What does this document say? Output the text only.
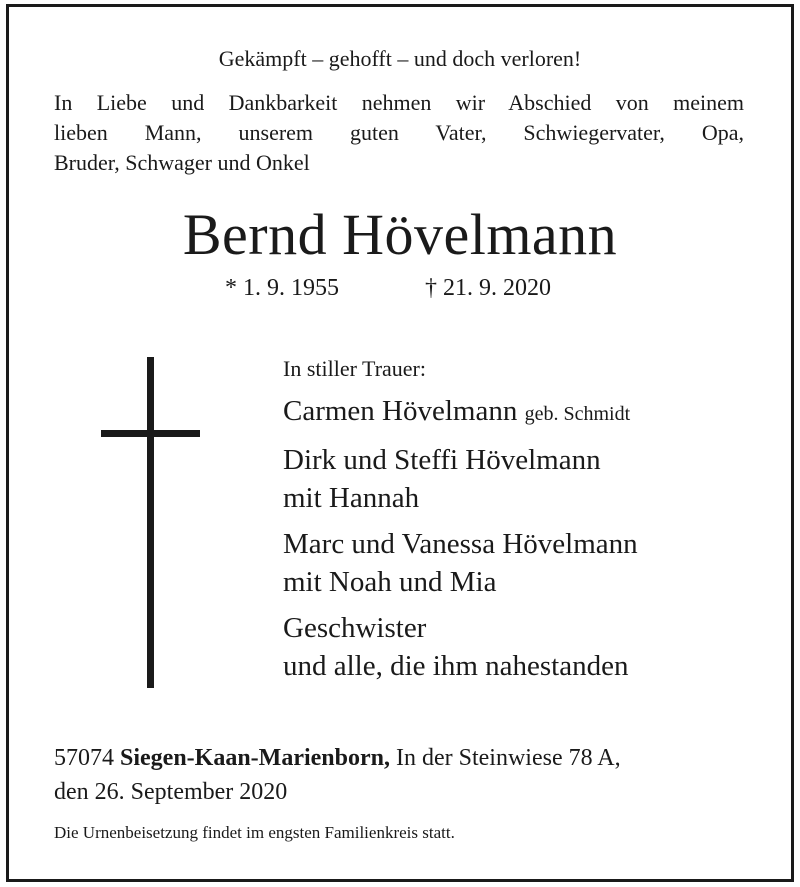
Gekämpft – gehofft – und doch verloren!
In Liebe und Dankbarkeit nehmen wir Abschied von meinem
lieben Mann, unserem guten Vater, Schwiegervater, Opa,
Bruder, Schwager und Onkel
Bernd Hövelmann
* 1. 9. 1955	† 21. 9. 2020
In stiller Trauer:
Carmen Hövelmann geb. Schmidt
Dirk und Steffi Hövelmann
mit Hannah
Marc und Vanessa Hövelmann
mit Noah und Mia
Geschwister
und alle, die ihm nahestanden
57074 Siegen-Kaan-Marienborn, In der Steinwiese 78 A,
den 26. September 2020
Die Urnenbeisetzung findet im engsten Familienkreis statt.
